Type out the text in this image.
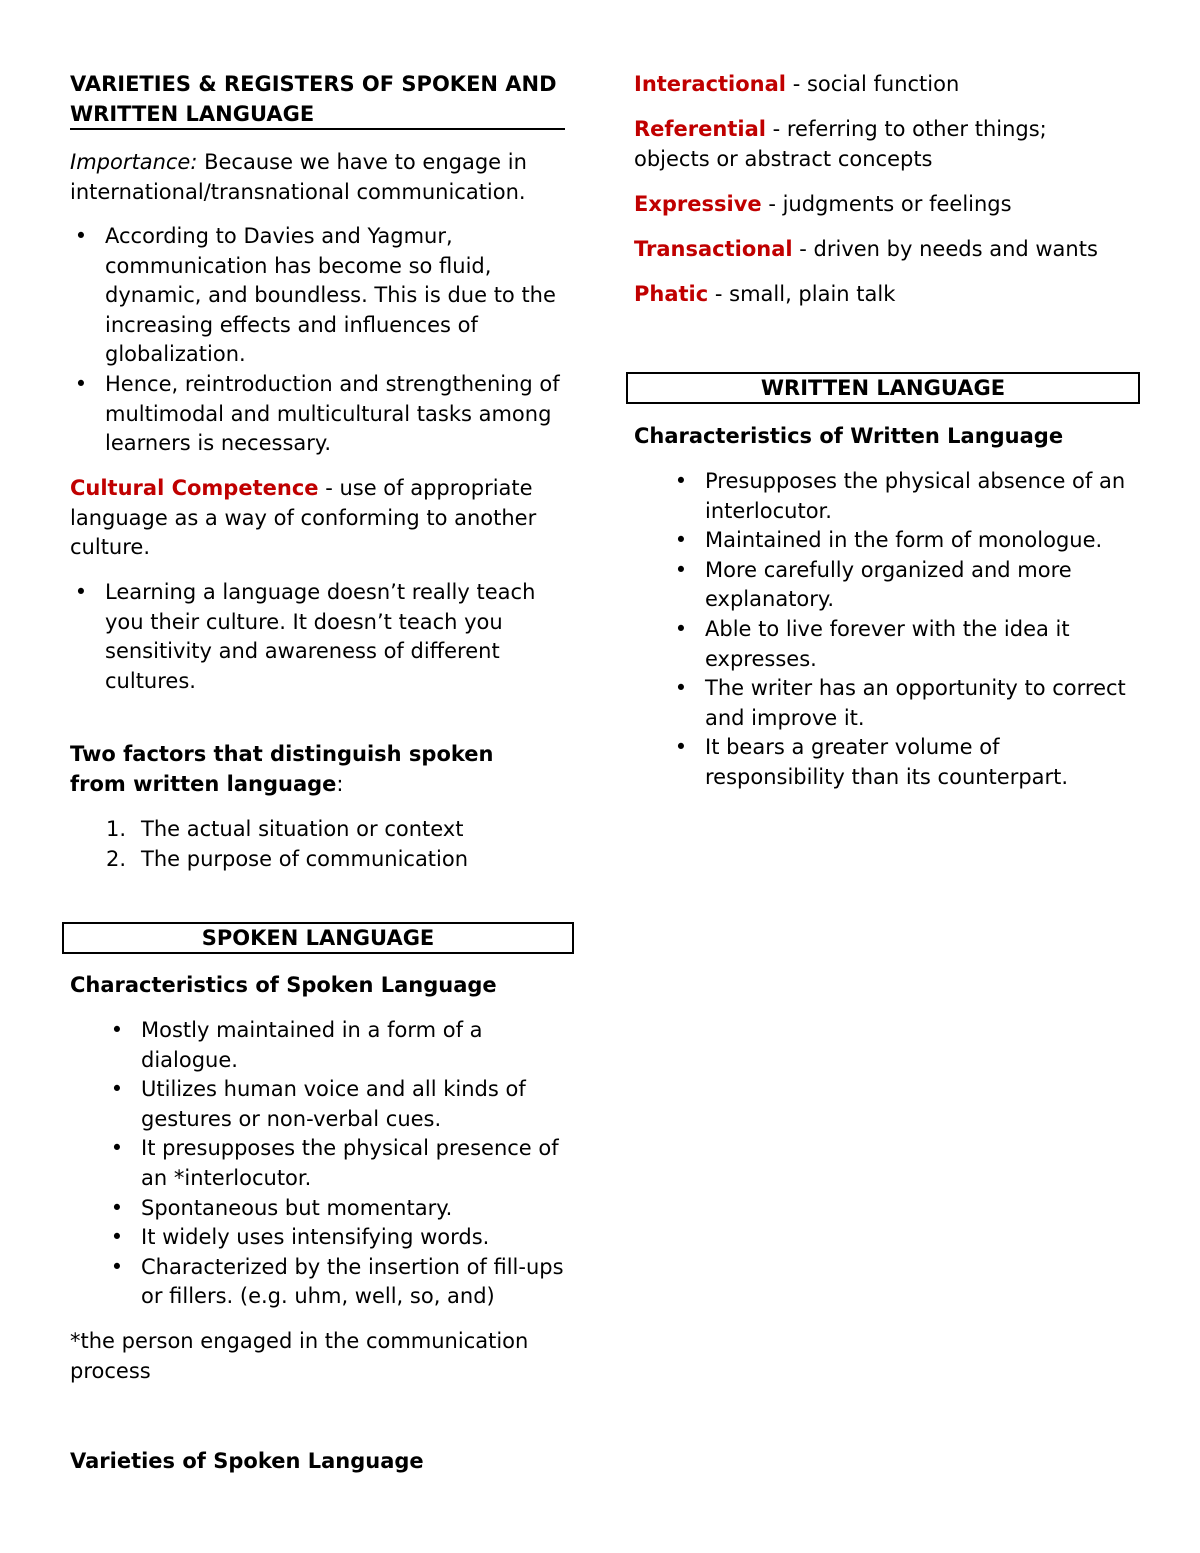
VARIETIES & REGISTERS OF SPOKEN AND
WRITTEN LANGUAGE
Importance: Because we have to engage in international/transnational communication.
• According to Davies and Yagmur, communication has become so fluid, dynamic, and boundless. This is due to the increasing effects and influences of globalization.
• Hence, reintroduction and strengthening of multimodal and multicultural tasks among learners is necessary.
Cultural Competence - use of appropriate language as a way of conforming to another culture.
• Learning a language doesn’t really teach you their culture. It doesn’t teach you sensitivity and awareness of different cultures.
Two factors that distinguish spoken from written language:
1. The actual situation or context
2. The purpose of communication
SPOKEN LANGUAGE
Characteristics of Spoken Language
• Mostly maintained in a form of a dialogue.
• Utilizes human voice and all kinds of gestures or non-verbal cues.
• It presupposes the physical presence of an *interlocutor.
• Spontaneous but momentary.
• It widely uses intensifying words.
• Characterized by the insertion of fill-ups or fillers. (e.g. uhm, well, so, and)
*the person engaged in the communication process
Varieties of Spoken Language
Interactional - social function
Referential - referring to other things; objects or abstract concepts
Expressive - judgments or feelings
Transactional - driven by needs and wants
Phatic - small, plain talk
WRITTEN LANGUAGE
Characteristics of Written Language
• Presupposes the physical absence of an interlocutor.
• Maintained in the form of monologue.
• More carefully organized and more explanatory.
• Able to live forever with the idea it expresses.
• The writer has an opportunity to correct and improve it.
• It bears a greater volume of responsibility than its counterpart.
